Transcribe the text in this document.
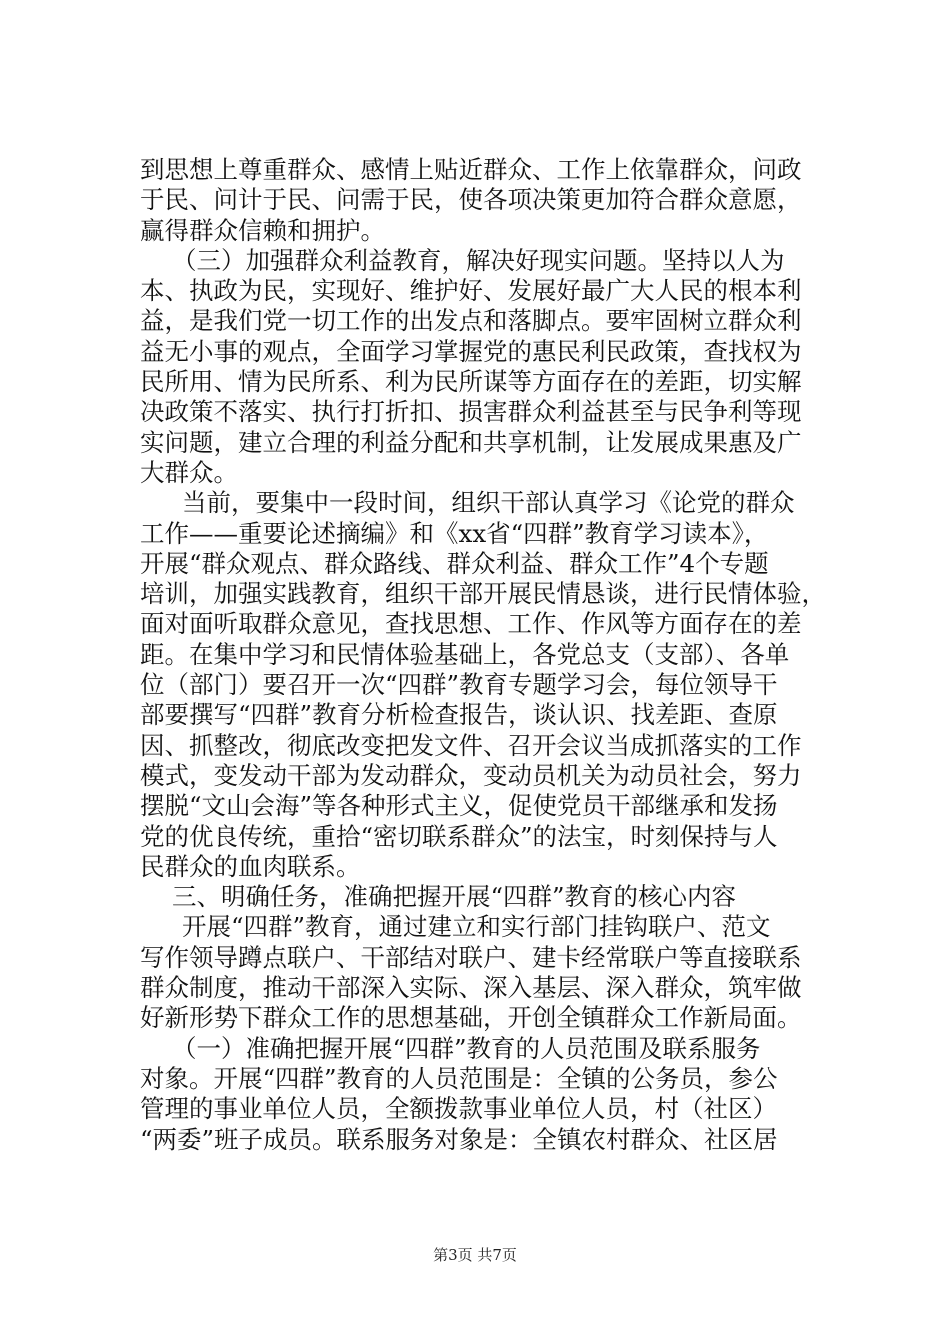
到思想上尊重群众、感情上贴近群众、工作上依靠群众，问政
于民、问计于民、问需于民，使各项决策更加符合群众意愿，
赢得群众信赖和拥护。
（三）加强群众利益教育，解决好现实问题。坚持以人为
本、执政为民，实现好、维护好、发展好最广大人民的根本利
益，是我们党一切工作的出发点和落脚点。要牢固树立群众利
益无小事的观点，全面学习掌握党的惠民利民政策，查找权为
民所用、情为民所系、利为民所谋等方面存在的差距，切实解
决政策不落实、执行打折扣、损害群众利益甚至与民争利等现
实问题，建立合理的利益分配和共享机制，让发展成果惠及广
大群众。
当前，要集中一段时间，组织干部认真学习《论党的群众
工作——重要论述摘编》和《xx省“四群”教育学习读本》，
开展“群众观点、群众路线、群众利益、群众工作”4个专题
培训，加强实践教育，组织干部开展民情恳谈，进行民情体验，
面对面听取群众意见，查找思想、工作、作风等方面存在的差
距。在集中学习和民情体验基础上，各党总支（支部）、各单
位（部门）要召开一次“四群”教育专题学习会，每位领导干
部要撰写“四群”教育分析检查报告，谈认识、找差距、查原
因、抓整改，彻底改变把发文件、召开会议当成抓落实的工作
模式，变发动干部为发动群众，变动员机关为动员社会，努力
摆脱“文山会海”等各种形式主义，促使党员干部继承和发扬
党的优良传统，重拾“密切联系群众”的法宝，时刻保持与人
民群众的血肉联系。
三、明确任务，准确把握开展“四群”教育的核心内容
开展“四群”教育，通过建立和实行部门挂钩联户、范文
写作领导蹲点联户、干部结对联户、建卡经常联户等直接联系
群众制度，推动干部深入实际、深入基层、深入群众，筑牢做
好新形势下群众工作的思想基础，开创全镇群众工作新局面。
（一）准确把握开展“四群”教育的人员范围及联系服务
对象。开展“四群”教育的人员范围是：全镇的公务员，参公
管理的事业单位人员，全额拨款事业单位人员，村（社区）
“两委”班子成员。联系服务对象是：全镇农村群众、社区居
第3页 共7页
